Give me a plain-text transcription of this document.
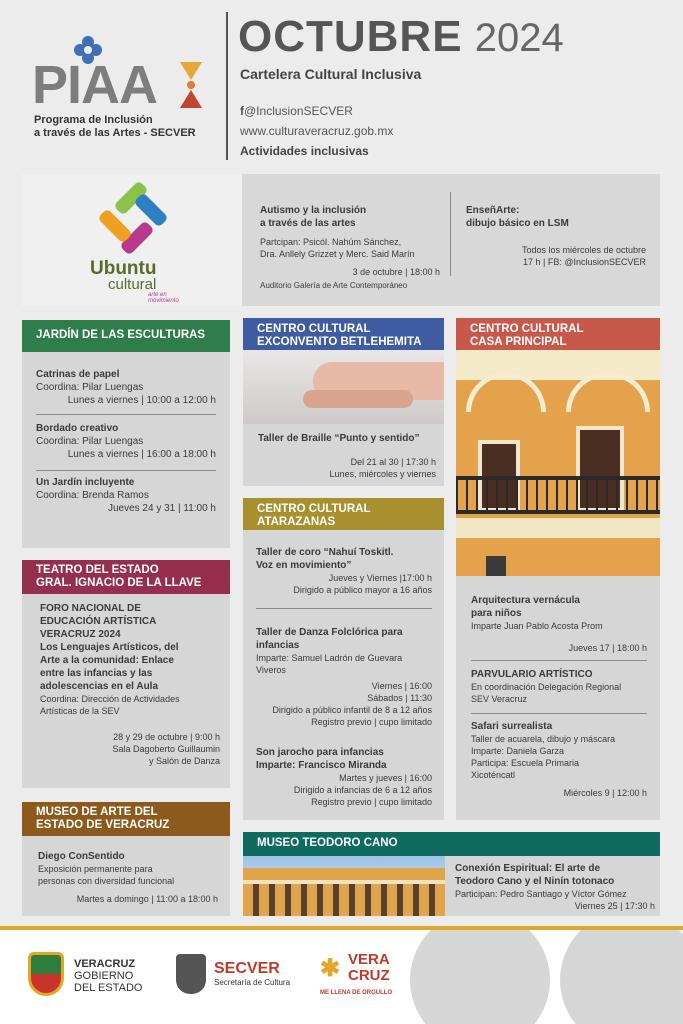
PIAA
Programa de Inclusión
a través de las Artes - SECVER
OCTUBRE 2024
Cartelera Cultural Inclusiva
f@InclusionSECVER
www.culturaveracruz.gob.mx
Actividades inclusivas
Ubuntu
cultural
arte en movimiento
Autismo y la inclusión
a través de las artes
Partcipan: Psicól. Nahúm Sánchez,
Dra. Anllely Grizzet y Merc. Said Marín
3 de octubre | 18:00 h
Auditorio Galería de Arte Contemporáneo
EnseñArte:
dibujo básico en LSM
Todos los miércoles de octubre
17 h | FB: @InclusionSECVER
JARDÍN DE LAS ESCULTURAS
Catrinas de papel
Coordina: Pilar Luengas
Lunes a viernes | 10:00 a 12:00 h
Bordado creativo
Coordina: Pilar Luengas
Lunes a viernes | 16:00 a 18:00 h
Un Jardín incluyente
Coordina: Brenda Ramos
Jueves 24 y 31 | 11:00 h
CENTRO CULTURAL
EXCONVENTO BETLEHEMITA
Taller de Braille “Punto y sentido”
Del 21 al 30 | 17:30 h
Lunes, miércoles y viernes
CENTRO CULTURAL
CASA PRINCIPAL
Arquitectura vernácula
para niños
Imparte Juan Pablo Acosta Prom
Jueves 17 | 18:00 h
PARVULARIO ARTÍSTICO
En coordinación Delegación Regional
SEV Veracruz
Safari surrealista
Taller de acuarela, dibujo y máscara
Imparte: Daniela Garza
Participa: Escuela Primaria
Xicoténcatl
Miércoles 9 | 12:00 h
CENTRO CULTURAL
ATARAZANAS
Taller de coro “Nahuí Toskitl.
Voz en movimiento”
Jueves y Viernes |17:00 h
Dirigido a público mayor a 16 años
Taller de Danza Folclórica para
infancias
Imparte: Samuel Ladrón de Guevara
Viveros
Viernes | 16:00
Sábados | 11:30
Dirigido a público infantil de 8 a 12 años
Registro previo | cupo limitado
Son jarocho para infancias
Imparte: Francisco Miranda
Martes y jueves | 16:00
Dirigido a infancias de 6 a 12 años
Registro previo | cupo limitado
TEATRO DEL ESTADO
GRAL. IGNACIO DE LA LLAVE
FORO NACIONAL DE
EDUCACIÓN ARTÍSTICA
VERACRUZ 2024
Los Lenguajes Artísticos, del
Arte a la comunidad: Enlace
entre las infancias y las
adolescencias en el Aula
Coordina: Dirección de Actividades
Artísticas de la SEV
28 y 29 de octubre | 9:00 h
Sala Dagoberto Guillaumin
y Salón de Danza
MUSEO DE ARTE DEL
ESTADO DE VERACRUZ
Diego ConSentido
Exposición permanente para
personas con diversidad funcional
Martes a domingo | 11:00 a 18:00 h
MUSEO TEODORO CANO
Conexión Espiritual: El arte de
Teodoro Cano y el Ninín totonaco
Participan: Pedro Santiago y Víctor Gómez
Viernes 25 | 17:30 h
VERACRUZ
GOBIERNO
DEL ESTADO
SECVER
Secretaría de Cultura
✱ VERA
CRUZ
ME LLENA DE ORGULLO
